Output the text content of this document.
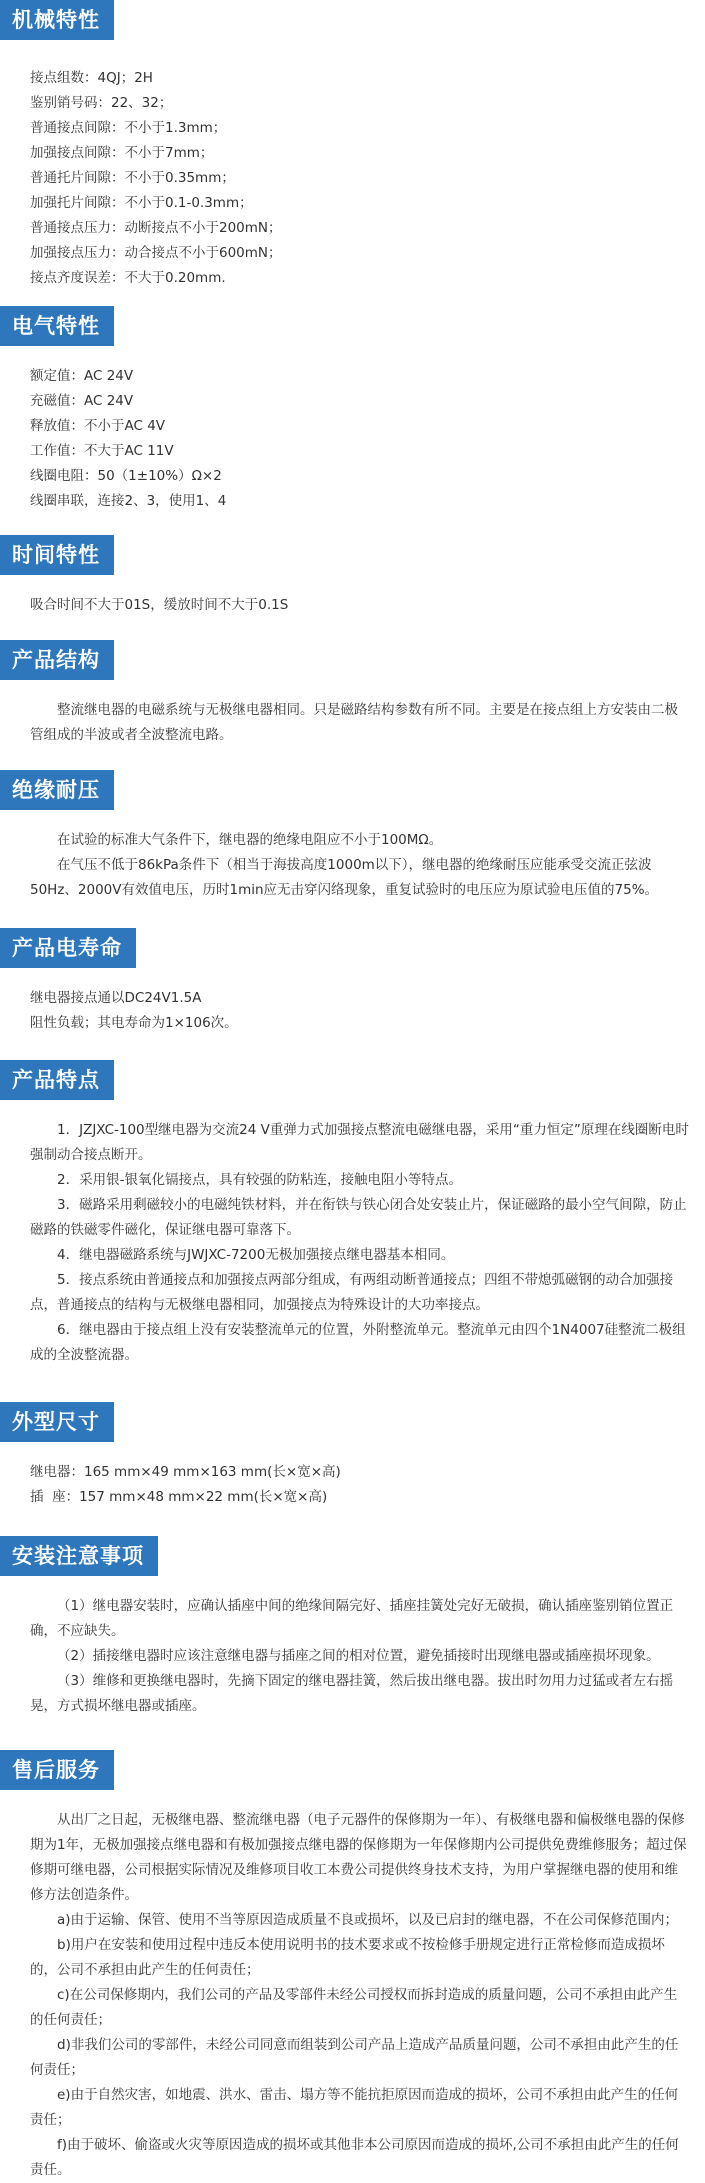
机械特性
接点组数：4QJ；2H
鉴别销号码：22、32；
普通接点间隙：不小于1.3mm；
加强接点间隙：不小于7mm；
普通托片间隙：不小于0.35mm；
加强托片间隙：不小于0.1-0.3mm；
普通接点压力：动断接点不小于200mN；
加强接点压力：动合接点不小于600mN；
接点齐度误差：不大于0.20mm.
电气特性
额定值：AC 24V
充磁值：AC 24V
释放值：不小于AC 4V
工作值：不大于AC 11V
线圈电阻：50（1±10%）Ω×2
线圈串联，连接2、3，使用1、4
时间特性
吸合时间不大于01S，缓放时间不大于0.1S
产品结构
整流继电器的电磁系统与无极继电器相同。只是磁路结构参数有所不同。主要是在接点组上方安装由二极管组成的半波或者全波整流电路。
绝缘耐压
在试验的标准大气条件下，继电器的绝缘电阻应不小于100MΩ。
在气压不低于86kPa条件下（相当于海拔高度1000m以下），继电器的绝缘耐压应能承受交流正弦波50Hz、2000V有效值电压，历时1min应无击穿闪络现象，重复试验时的电压应为原试验电压值的75%。
产品电寿命
继电器接点通以DC24V1.5A
阻性负载；其电寿命为1×106次。
产品特点
1．JZJXC-100型继电器为交流24 V重弹力式加强接点整流电磁继电器，采用“重力恒定”原理在线圈断电时强制动合接点断开。
2．采用银-银氧化镉接点，具有较强的防粘连，接触电阻小等特点。
3．磁路采用剩磁较小的电磁纯铁材料，并在衔铁与铁心闭合处安装止片，保证磁路的最小空气间隙，防止磁路的铁磁零件磁化，保证继电器可靠落下。
4．继电器磁路系统与JWJXC-7200无极加强接点继电器基本相同。
5．接点系统由普通接点和加强接点两部分组成，有两组动断普通接点；四组不带熄弧磁钢的动合加强接点，普通接点的结构与无极继电器相同，加强接点为特殊设计的大功率接点。
6．继电器由于接点组上没有安装整流单元的位置，外附整流单元。整流单元由四个1N4007硅整流二极组成的全波整流器。
外型尺寸
继电器：165 mm×49 mm×163 mm(长×宽×高)
插  座：157 mm×48 mm×22 mm(长×宽×高)
安装注意事项
（1）继电器安装时，应确认插座中间的绝缘间隔完好、插座挂簧处完好无破损，确认插座鉴别销位置正确，不应缺失。
（2）插接继电器时应该注意继电器与插座之间的相对位置，避免插接时出现继电器或插座损坏现象。
（3）维修和更换继电器时，先摘下固定的继电器挂簧，然后拔出继电器。拔出时勿用力过猛或者左右摇晃，方式损坏继电器或插座。
售后服务
从出厂之日起，无极继电器、整流继电器（电子元器件的保修期为一年）、有极继电器和偏极继电器的保修期为1年，无极加强接点继电器和有极加强接点继电器的保修期为一年保修期内公司提供免费维修服务；超过保修期可继电器，公司根据实际情况及维修项目收工本费公司提供终身技术支持，为用户掌握继电器的使用和维修方法创造条件。
a)由于运输、保管、使用不当等原因造成质量不良或损坏，以及已启封的继电器，不在公司保修范围内；
b)用户在安装和使用过程中违反本使用说明书的技术要求或不按检修手册规定进行正常检修而造成损坏的，公司不承担由此产生的任何责任；
c)在公司保修期内，我们公司的产品及零部件未经公司授权而拆封造成的质量问题，公司不承担由此产生的任何责任；
d)非我们公司的零部件，未经公司同意而组装到公司产品上造成产品质量问题，公司不承担由此产生的任何责任；
e)由于自然灾害，如地震、洪水、雷击、塌方等不能抗拒原因而造成的损坏，公司不承担由此产生的任何责任；
f)由于破坏、偷盗或火灾等原因造成的损坏或其他非本公司原因而造成的损坏,公司不承担由此产生的任何责任。
